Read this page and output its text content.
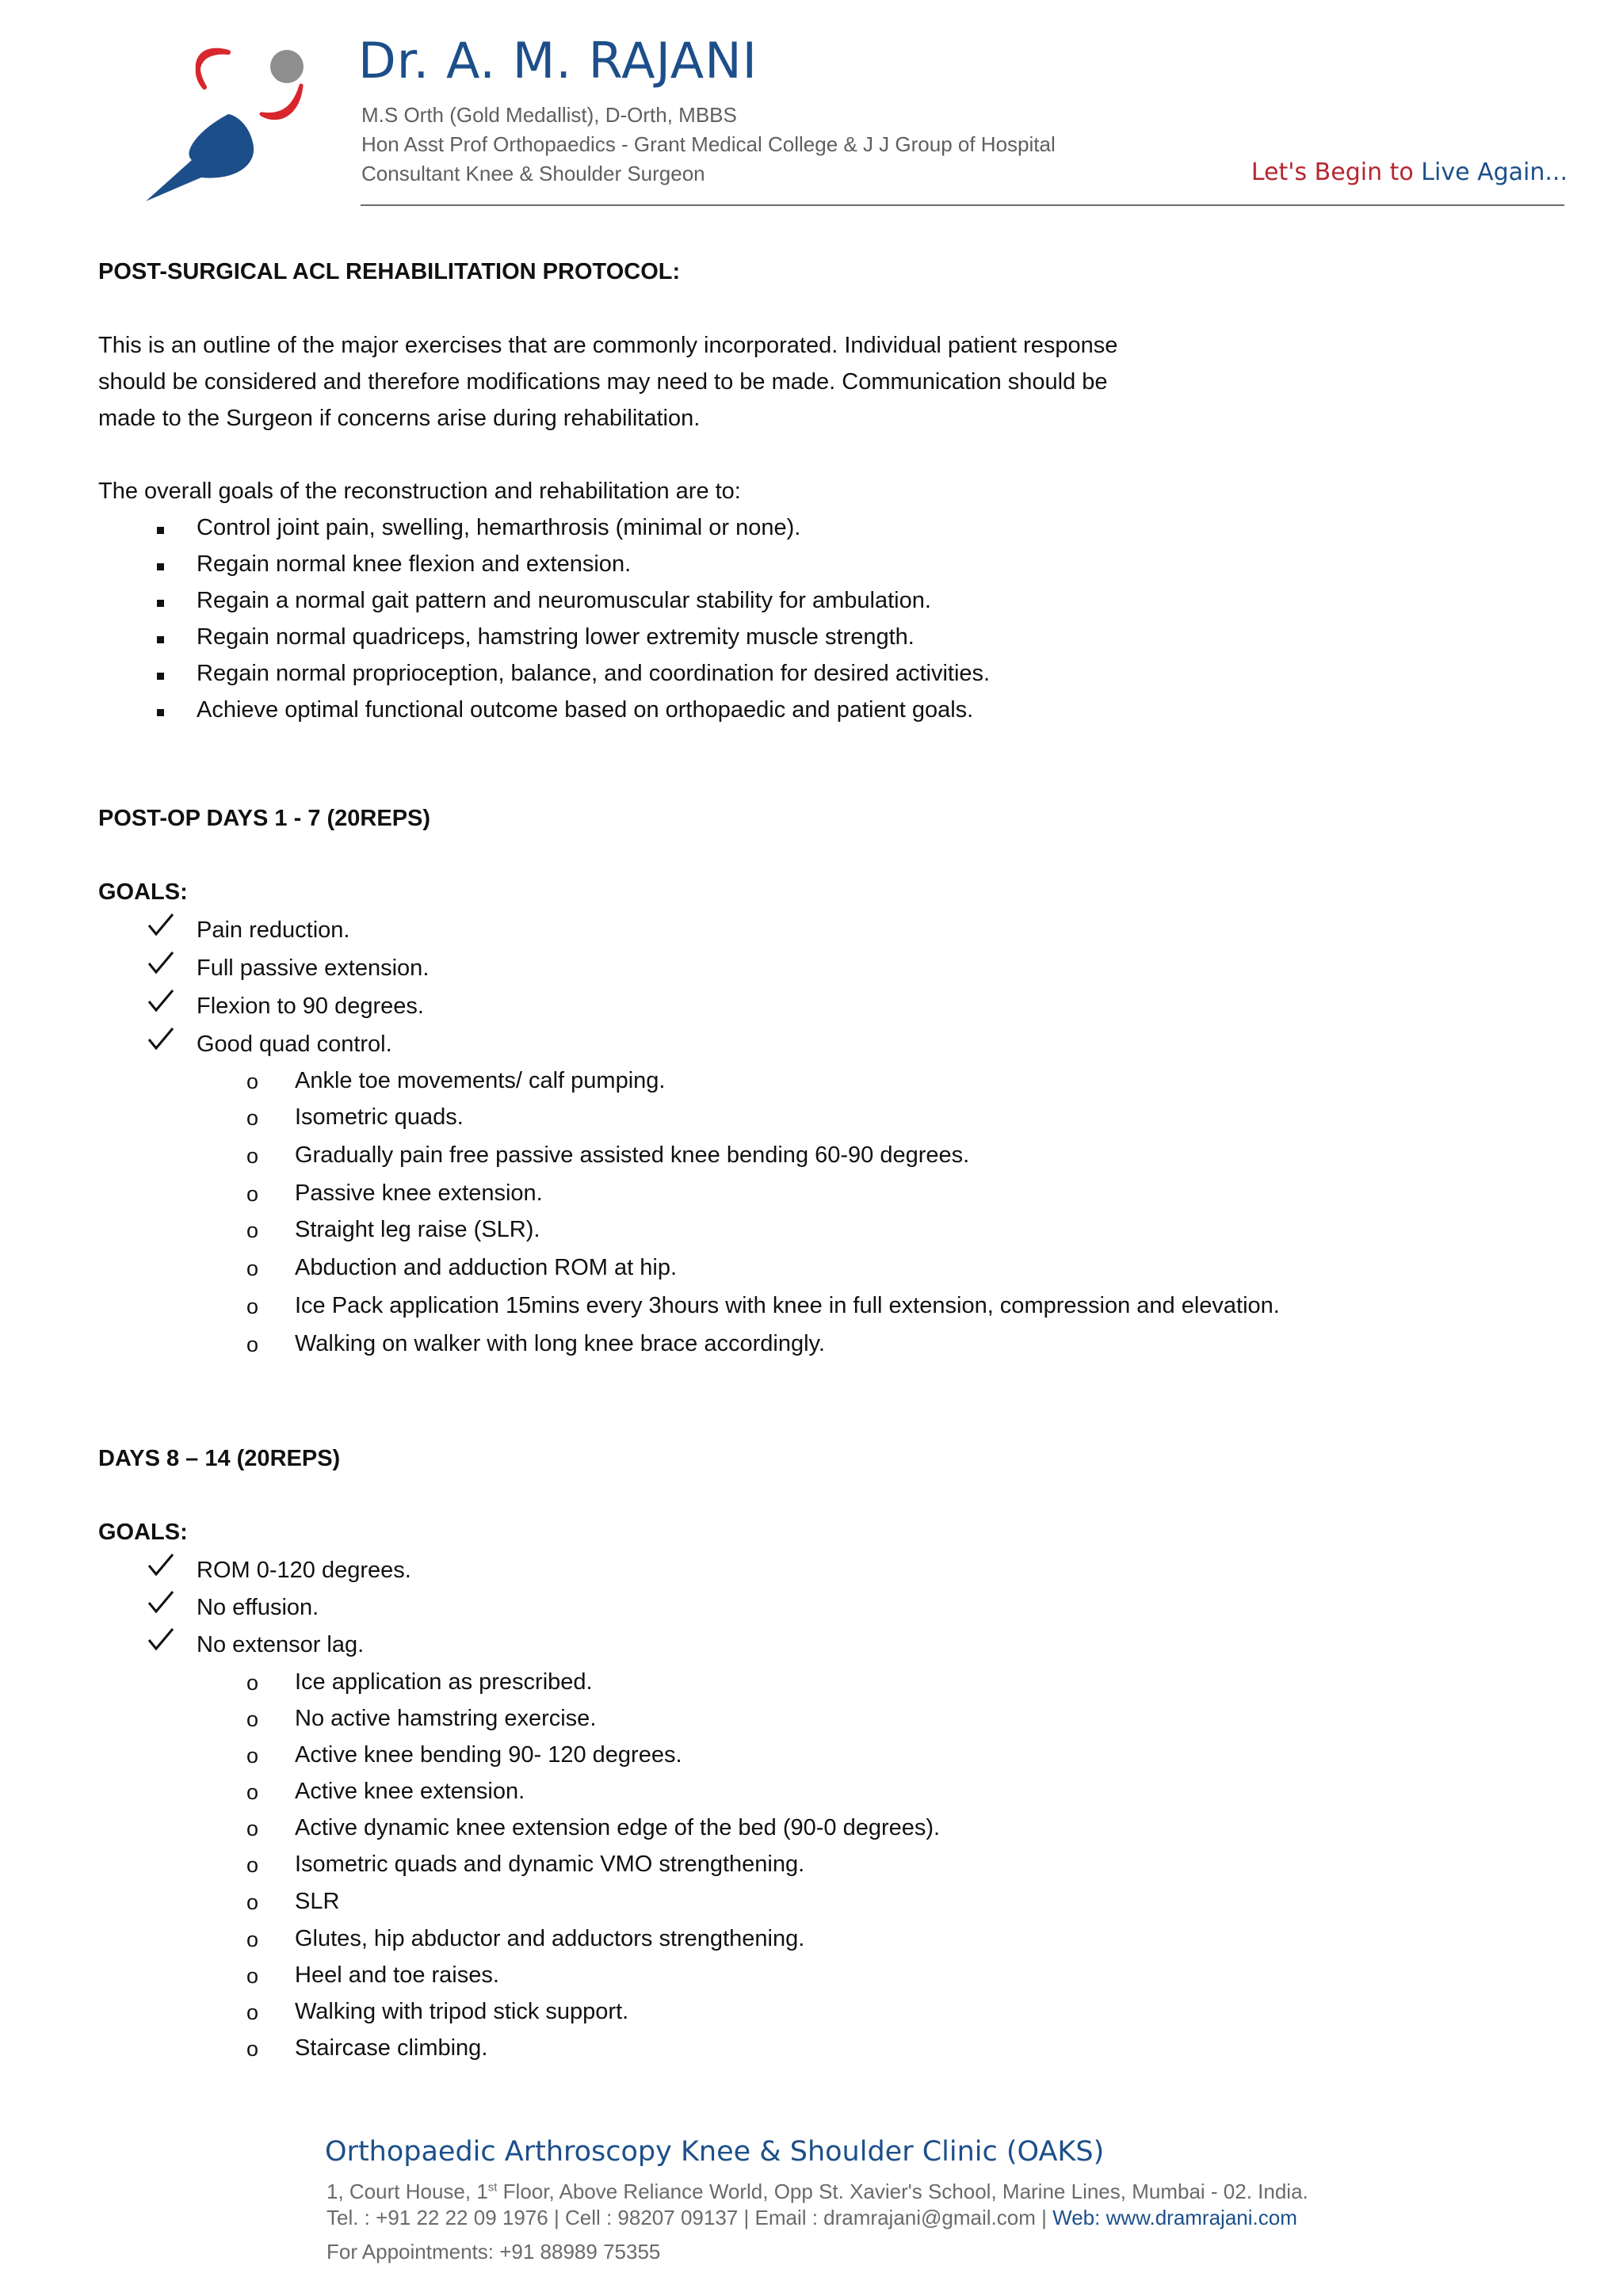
Dr. A. M. RAJANI
M.S Orth (Gold Medallist), D-Orth, MBBS
Hon Asst Prof Orthopaedics - Grant Medical College & J J Group of Hospital
Consultant Knee & Shoulder Surgeon	Let's Begin to Live Again...
POST-SURGICAL ACL REHABILITATION PROTOCOL:
This is an outline of the major exercises that are commonly incorporated. Individual patient response
should be considered and therefore modifications may need to be made. Communication should be
made to the Surgeon if concerns arise during rehabilitation.
The overall goals of the reconstruction and rehabilitation are to:
Control joint pain, swelling, hemarthrosis (minimal or none).
Regain normal knee flexion and extension.
Regain a normal gait pattern and neuromuscular stability for ambulation.
Regain normal quadriceps, hamstring lower extremity muscle strength.
Regain normal proprioception, balance, and coordination for desired activities.
Achieve optimal functional outcome based on orthopaedic and patient goals.
POST-OP DAYS 1 - 7 (20REPS)
GOALS:
Pain reduction.
Full passive extension.
Flexion to 90 degrees.
Good quad control.
o Ankle toe movements/ calf pumping.
o Isometric quads.
o Gradually pain free passive assisted knee bending 60-90 degrees.
o Passive knee extension.
o Straight leg raise (SLR).
o Abduction and adduction ROM at hip.
o Ice Pack application 15mins every 3hours with knee in full extension, compression and elevation.
o Walking on walker with long knee brace accordingly.
DAYS 8 – 14 (20REPS)
GOALS:
ROM 0-120 degrees.
No effusion.
No extensor lag.
o Ice application as prescribed.
o No active hamstring exercise.
o Active knee bending 90- 120 degrees.
o Active knee extension.
o Active dynamic knee extension edge of the bed (90-0 degrees).
o Isometric quads and dynamic VMO strengthening.
o SLR
o Glutes, hip abductor and adductors strengthening.
o Heel and toe raises.
o Walking with tripod stick support.
o Staircase climbing.
Orthopaedic Arthroscopy Knee & Shoulder Clinic (OAKS)
1, Court House, 1st Floor, Above Reliance World, Opp St. Xavier's School, Marine Lines, Mumbai - 02. India.
Tel. : +91 22 22 09 1976 | Cell : 98207 09137 | Email : dramrajani@gmail.com | Web: www.dramrajani.com
For Appointments: +91 88989 75355
